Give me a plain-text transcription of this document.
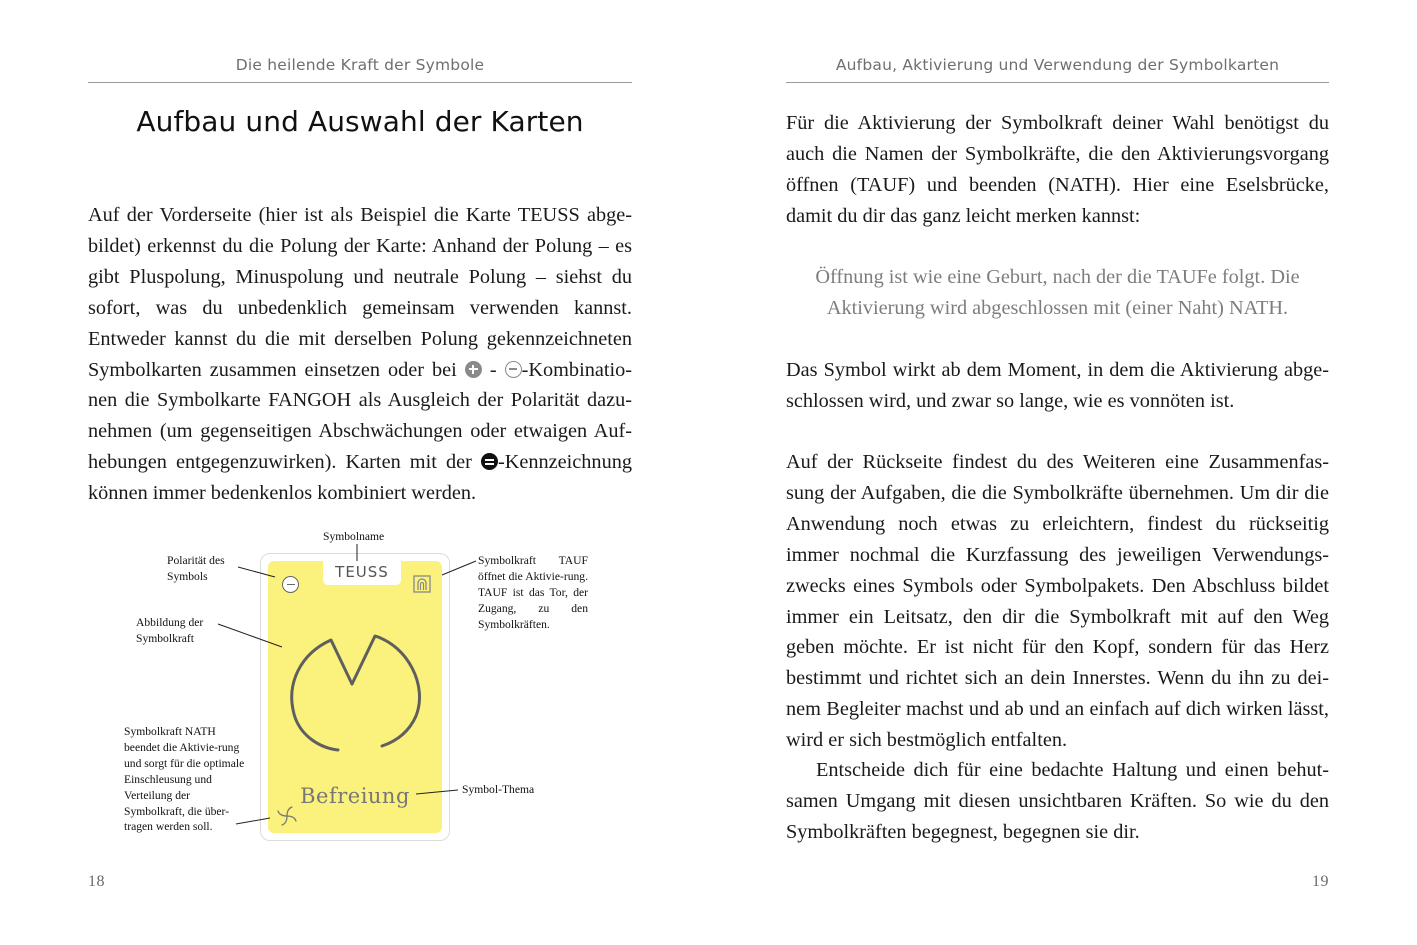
Die heilende Kraft der Symbole
Aufbau und Auswahl der Karten

Auf der Vorderseite (hier ist als Beispiel die Karte TEUSS abge-bildet) erkennst du die Polung der Karte: Anhand der Polung – es gibt Pluspolung, Minuspolung und neutrale Polung – siehst du sofort, was du unbedenklich gemeinsam verwenden kannst. Entweder kannst du die mit derselben Polung gekennzeichneten Symbolkarten zusammen einsetzen oder bei - -Kombinatio-nen die Symbolkarte FANGOH als Ausgleich der Polarität dazu-nehmen (um gegenseitigen Abschwächungen oder etwaigen Auf-hebungen entgegenzuwirken). Karten mit der -Kennzeichnung können immer bedenkenlos kombiniert werden.

TEUSS
Befreiung
Symbolname
Polarität des Symbols
Abbildung der Symbolkraft
Symbolkraft NATH beendet die Aktivie-rung und sorgt für die optimale Einschleusung und Verteilung der Symbolkraft, die über-tragen werden soll.
Symbolkraft TAUF öffnet die Aktivie-rung. TAUF ist das Tor, der Zugang, zu den Symbolkräften.
Symbol-Thema
18
Aufbau, Aktivierung und Verwendung der Symbolkarten

Für die Aktivierung der Symbolkraft deiner Wahl benötigst du auch die Namen der Symbolkräfte, die den Aktivierungsvorgang öffnen (TAUF) und beenden (NATH). Hier eine Eselsbrücke, damit du dir das ganz leicht merken kannst:

Öffnung ist wie eine Geburt, nach der die TAUFe folgt. Die Aktivierung wird abgeschlossen mit (einer Naht) NATH.

Das Symbol wirkt ab dem Moment, in dem die Aktivierung abge-schlossen wird, und zwar so lange, wie es vonnöten ist.

Auf der Rückseite findest du des Weiteren eine Zusammenfas-sung der Aufgaben, die die Symbolkräfte übernehmen. Um dir die Anwendung noch etwas zu erleichtern, findest du rückseitig immer nochmal die Kurzfassung des jeweiligen Verwendungs-zwecks eines Symbols oder Symbolpakets. Den Abschluss bildet immer ein Leitsatz, den dir die Symbolkraft mit auf den Weg geben möchte. Er ist nicht für den Kopf, sondern für das Herz bestimmt und richtet sich an dein Innerstes. Wenn du ihn zu dei-nem Begleiter machst und ab und an einfach auf dich wirken lässt, wird er sich bestmöglich entfalten.

Entscheide dich für eine bedachte Haltung und einen behut-samen Umgang mit diesen unsichtbaren Kräften. So wie du den Symbolkräften begegnest, begegnen sie dir.

19
